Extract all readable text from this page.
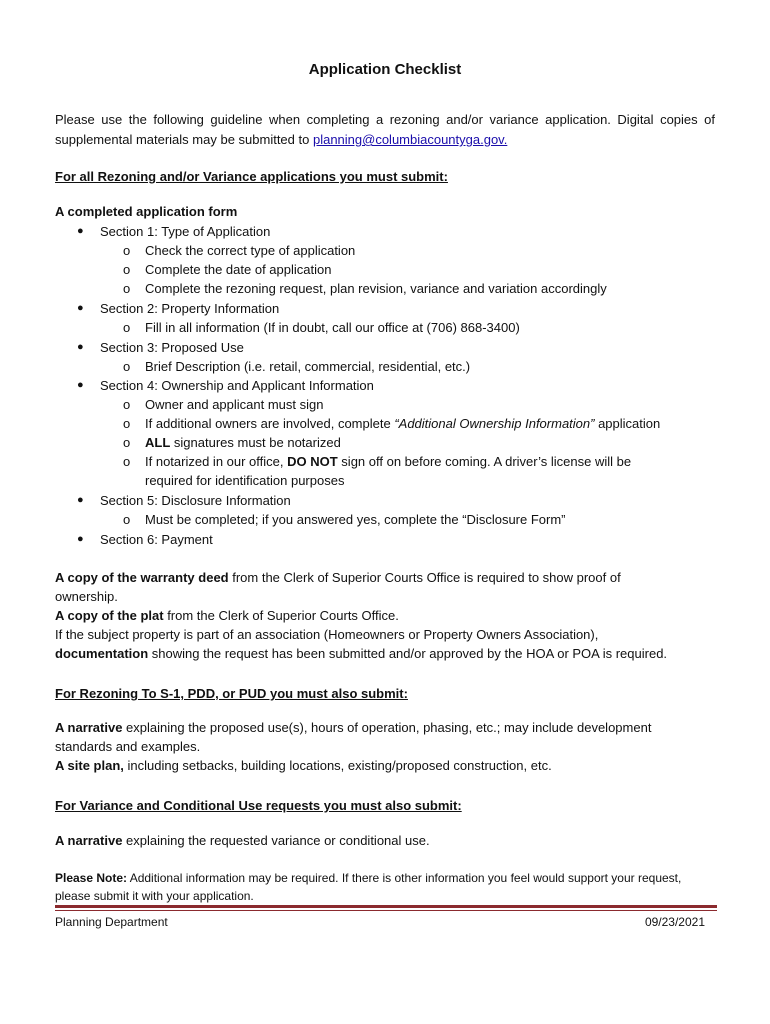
Application Checklist
Please use the following guideline when completing a rezoning and/or variance application. Digital copies of supplemental materials may be submitted to planning@columbiacountyga.gov.
For all Rezoning and/or Variance applications you must submit:
A completed application form
● Section 1: Type of Application
o Check the correct type of application
o Complete the date of application
o Complete the rezoning request, plan revision, variance and variation accordingly
● Section 2: Property Information
o Fill in all information (If in doubt, call our office at (706) 868-3400)
● Section 3: Proposed Use
o Brief Description (i.e. retail, commercial, residential, etc.)
● Section 4: Ownership and Applicant Information
o Owner and applicant must sign
o If additional owners are involved, complete “Additional Ownership Information” application
o ALL signatures must be notarized
o If notarized in our office, DO NOT sign off on before coming. A driver’s license will be
required for identification purposes
● Section 5: Disclosure Information
o Must be completed; if you answered yes, complete the “Disclosure Form”
● Section 6: Payment
A copy of the warranty deed from the Clerk of Superior Courts Office is required to show proof of
ownership.
A copy of the plat from the Clerk of Superior Courts Office.
If the subject property is part of an association (Homeowners or Property Owners Association),
documentation showing the request has been submitted and/or approved by the HOA or POA is required.
For Rezoning To S-1, PDD, or PUD you must also submit:
A narrative explaining the proposed use(s), hours of operation, phasing, etc.; may include development
standards and examples.
A site plan, including setbacks, building locations, existing/proposed construction, etc.
For Variance and Conditional Use requests you must also submit:
A narrative explaining the requested variance or conditional use.
Please Note: Additional information may be required. If there is other information you feel would support your request, please submit it with your application.
Planning Department	09/23/2021
